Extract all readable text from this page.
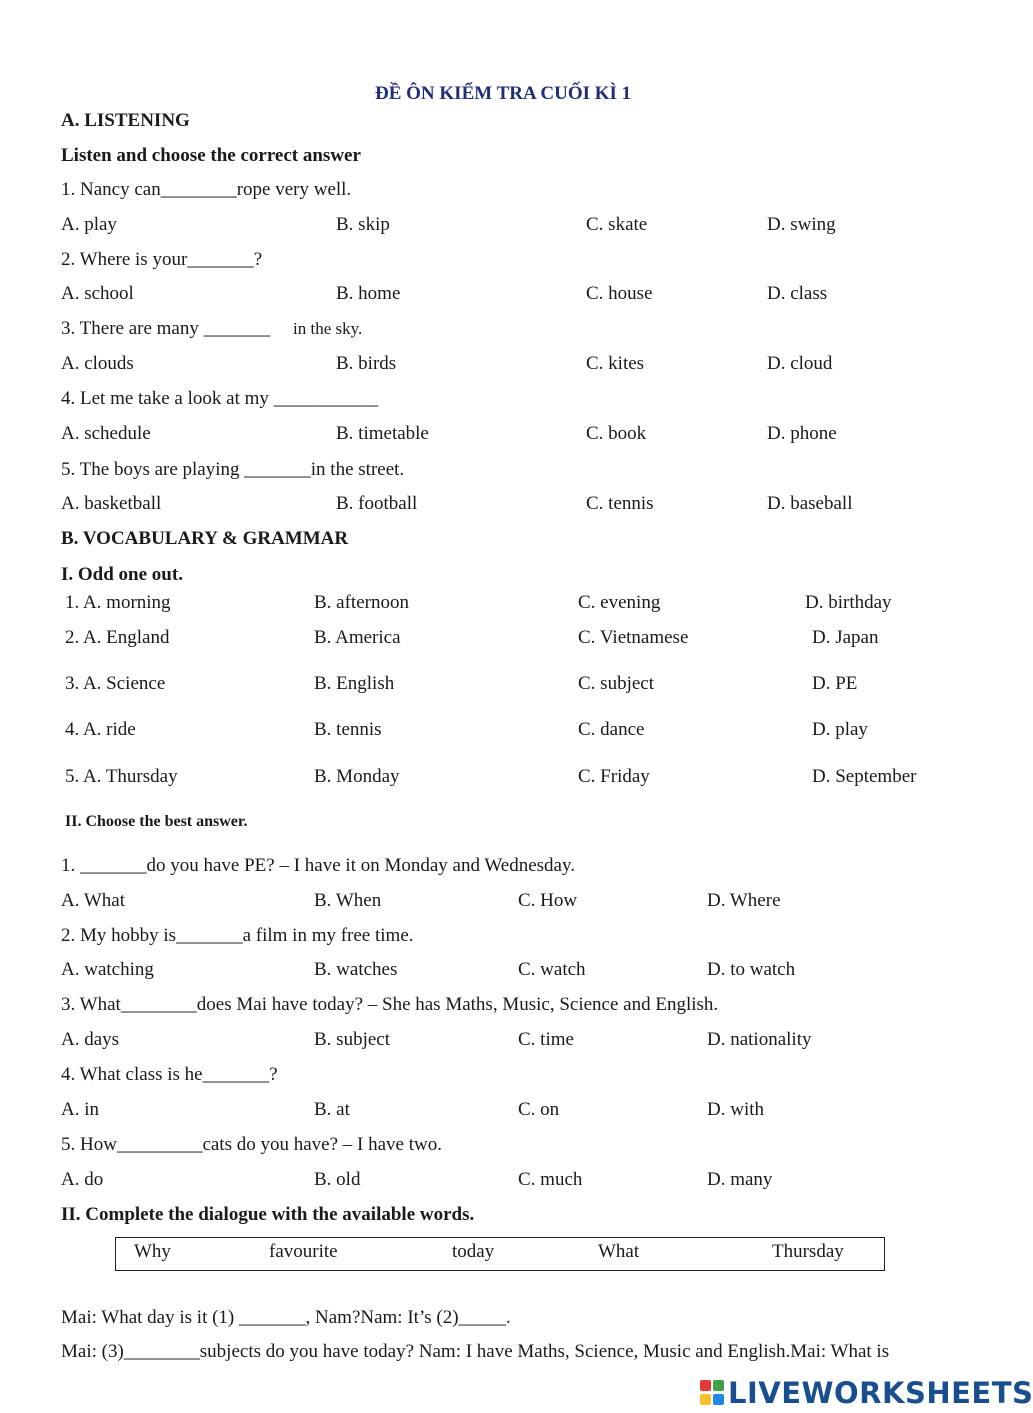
ĐỀ ÔN KIỂM TRA CUỐI KÌ 1
A. LISTENING
Listen and choose the correct answer
1. Nancy can________rope very well.
A. play	B. skip	C. skate	D. swing
2. Where is your_______?
A. school	B. home	C. house	D. class
3. There are many _______ in the sky.
A. clouds	B. birds	C. kites	D. cloud
4. Let me take a look at my ___________
A. schedule	B. timetable	C. book	D. phone
5. The boys are playing _______in the street.
A. basketball	B. football	C. tennis	D. baseball
B. VOCABULARY & GRAMMAR
I. Odd one out.
1. A. morning	B. afternoon	C. evening	D. birthday
2. A. England	B. America	C. Vietnamese	D. Japan
3. A. Science	B. English	C. subject	D. PE
4. A. ride	B. tennis	C. dance	D. play
5. A. Thursday	B. Monday	C. Friday	D. September
II. Choose the best answer.
1. _______do you have PE? – I have it on Monday and Wednesday.
A. What	B. When	C. How	D. Where
2. My hobby is_______a film in my free time.
A. watching	B. watches	C. watch	D. to watch
3. What________does Mai have today? – She has Maths, Music, Science and English.
A. days	B. subject	C. time	D. nationality
4. What class is he_______?
A. in	B. at	C. on	D. with
5. How_________cats do you have? – I have two.
A. do	B. old	C. much	D. many
II. Complete the dialogue with the available words.
Why	favourite	today	What	Thursday
Mai: What day is it (1) _______, Nam?Nam: It’s (2)_____.
Mai: (3)________subjects do you have today? Nam: I have Maths, Science, Music and English.Mai: What is
LIVEWORKSHEETS
